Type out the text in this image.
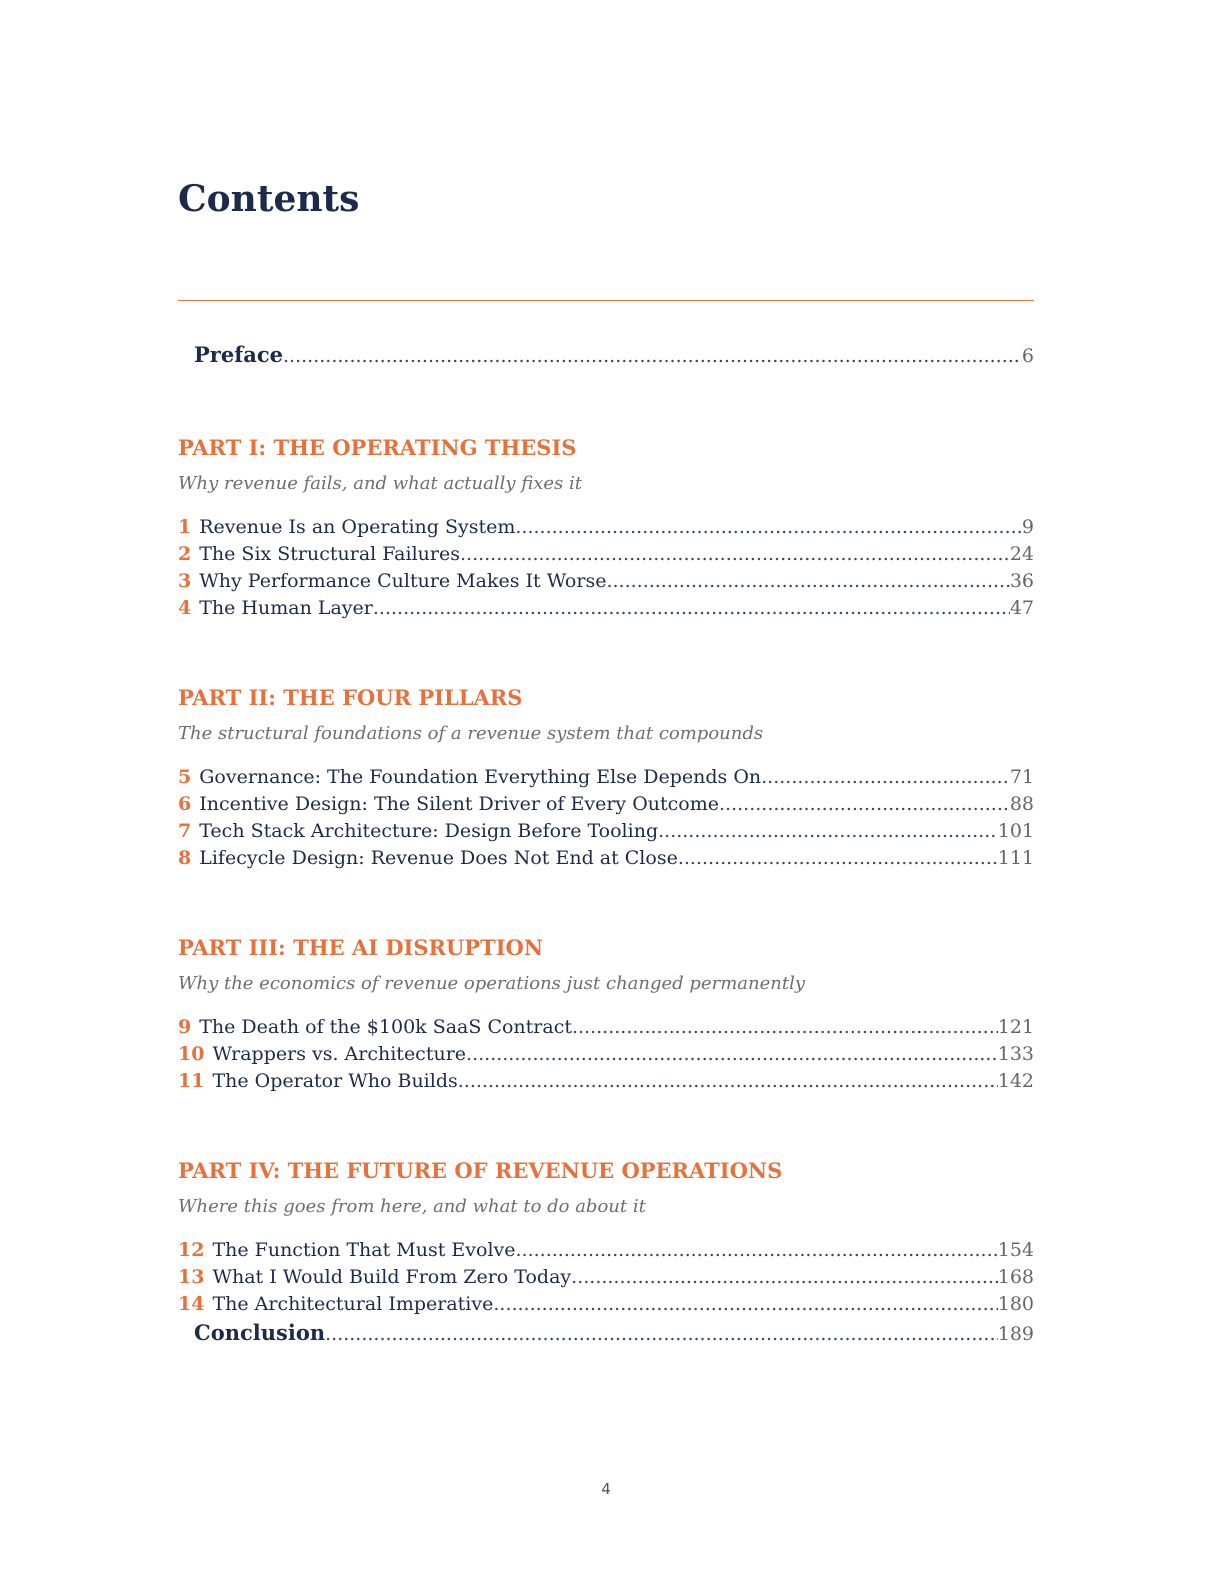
Contents
Preface .....	6
PART I: THE OPERATING THESIS

Why revenue fails, and what actually fixes it

1 Revenue Is an Operating System .....	9
2 The Six Structural Failures .....	24
3 Why Performance Culture Makes It Worse .....	36
4 The Human Layer .....	47
PART II: THE FOUR PILLARS

The structural foundations of a revenue system that compounds

5 Governance: The Foundation Everything Else Depends On .....	71
6 Incentive Design: The Silent Driver of Every Outcome .....	88
7 Tech Stack Architecture: Design Before Tooling .....	101
8 Lifecycle Design: Revenue Does Not End at Close .....	111
PART III: THE AI DISRUPTION

Why the economics of revenue operations just changed permanently

9 The Death of the $100k SaaS Contract .....	121
10 Wrappers vs. Architecture .....	133
11 The Operator Who Builds .....	142
PART IV: THE FUTURE OF REVENUE OPERATIONS

Where this goes from here, and what to do about it

12 The Function That Must Evolve .....	154
13 What I Would Build From Zero Today .....	168
14 The Architectural Imperative .....	180
Conclusion .....	189
4
